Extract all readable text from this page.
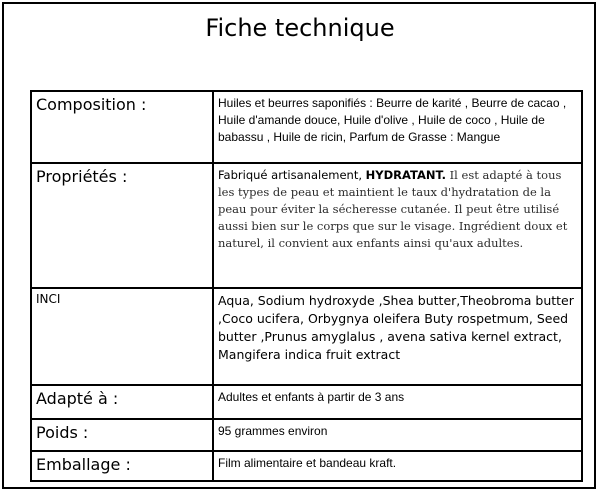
Fiche technique
Composition :	Huiles et beurres saponifiés : Beurre de karité , Beurre de cacao , Huile d'amande douce, Huile d'olive , Huile de coco , Huile de babassu , Huile de ricin, Parfum de Grasse : Mangue
Propriétés :	Fabriqué artisanalement, HYDRATANT. Il est adapté à tous les types de peau et maintient le taux d'hydratation de la peau pour éviter la sécheresse cutanée. Il peut être utilisé aussi bien sur le corps que sur le visage. Ingrédient doux et naturel, il convient aux enfants ainsi qu'aux adultes.
INCI	Aqua, Sodium hydroxyde ,Shea butter,Theobroma butter ,Coco ucifera, Orbygnya oleifera Buty rospetmum, Seed butter ,Prunus amyglalus , avena sativa kernel extract, Mangifera indica fruit extract
Adapté à :	Adultes et enfants à partir de 3 ans
Poids :	95 grammes environ
Emballage :	Film alimentaire et bandeau kraft.
